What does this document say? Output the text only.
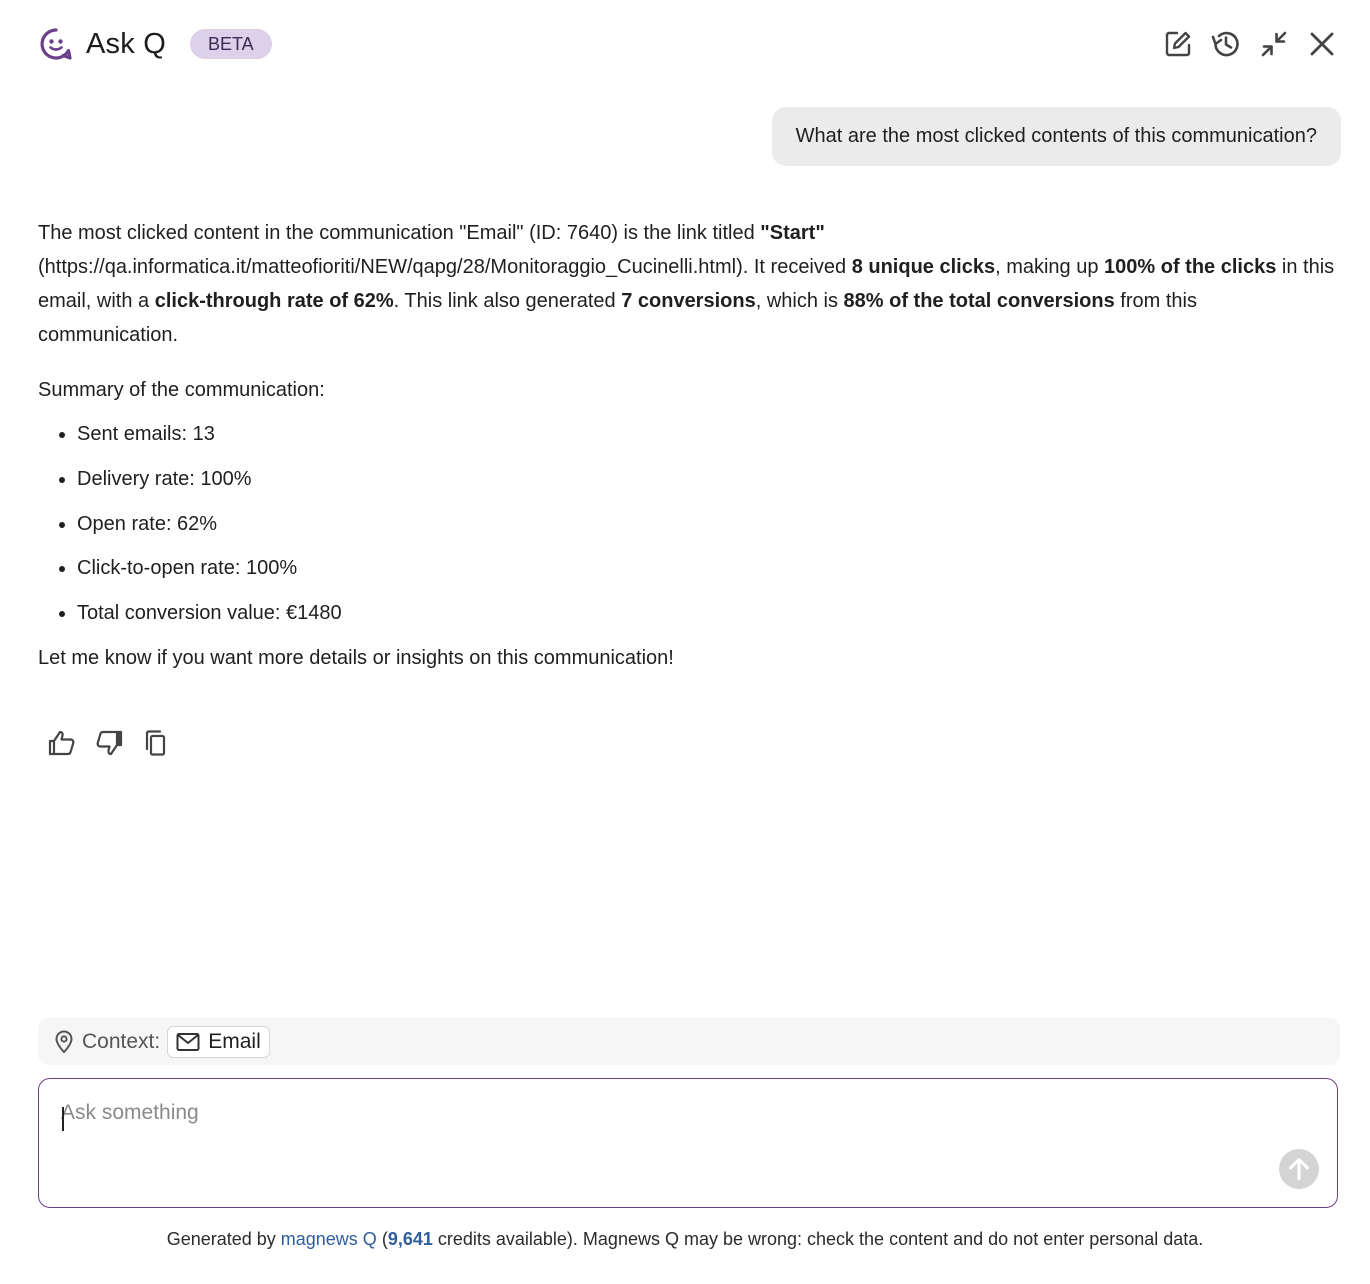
Ask Q	BETA
What are the most clicked contents of this communication?

The most clicked content in the communication "Email" (ID: 7640) is the link titled "Start" (https://qa.informatica.it/matteofioriti/NEW/qapg/28/Monitoraggio_Cucinelli.html). It received 8 unique clicks, making up 100% of the clicks in this email, with a click-through rate of 62%. This link also generated 7 conversions, which is 88% of the total conversions from this communication.

Summary of the communication:

• Sent emails: 13
• Delivery rate: 100%
• Open rate: 62%
• Click-to-open rate: 100%
• Total conversion value: €1480

Let me know if you want more details or insights on this communication!

Context: Email
Ask something
Generated by magnews Q (9,641 credits available). Magnews Q may be wrong: check the content and do not enter personal data.
